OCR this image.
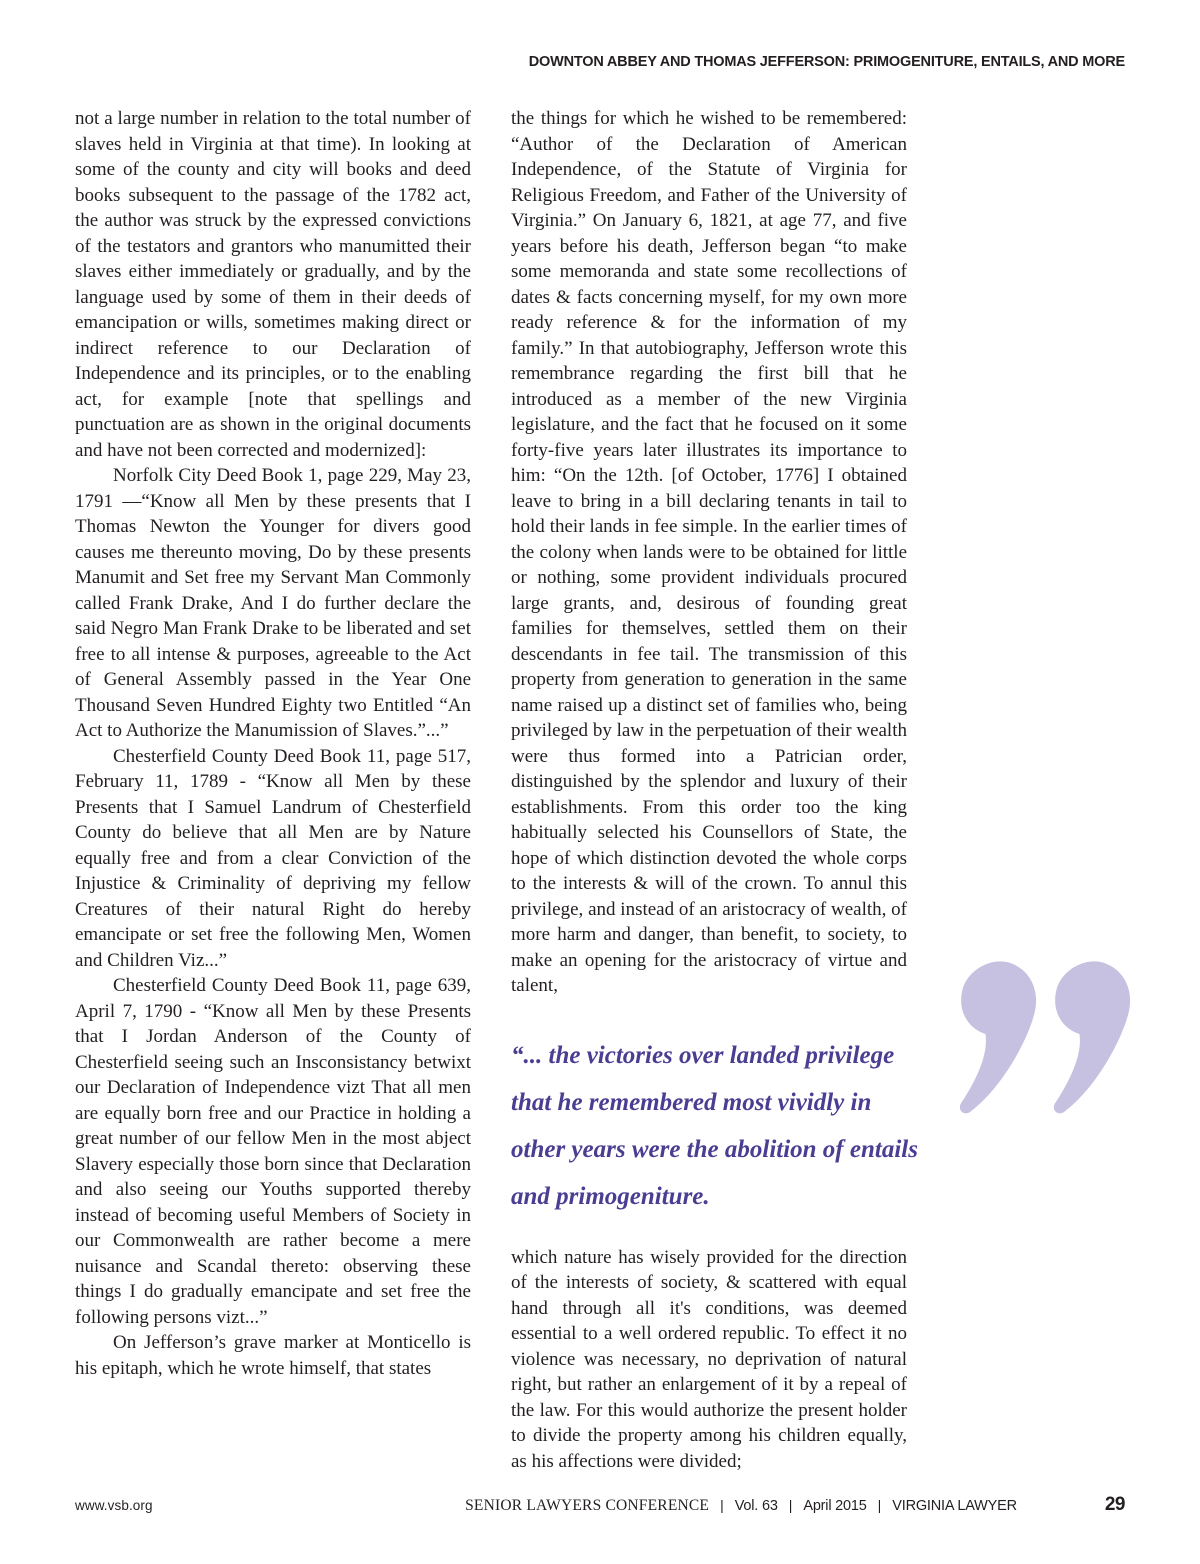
DOWNTON ABBEY AND THOMAS JEFFERSON: PRIMOGENITURE, ENTAILS, AND MORE

not a large number in relation to the total number of slaves held in Virginia at that time). In looking at some of the county and city will books and deed books subsequent to the passage of the 1782 act, the author was struck by the expressed convictions of the testators and grantors who manumitted their slaves either immediately or gradually, and by the language used by some of them in their deeds of emancipation or wills, sometimes making direct or indirect reference to our Declaration of Independence and its principles, or to the enabling act, for example [note that spellings and punctuation are as shown in the original documents and have not been corrected and modernized]:

Norfolk City Deed Book 1, page 229, May 23, 1791 —“Know all Men by these presents that I Thomas Newton the Younger for divers good causes me thereunto moving, Do by these presents Manumit and Set free my Servant Man Commonly called Frank Drake, And I do further declare the said Negro Man Frank Drake to be liberated and set free to all intense & purposes, agreeable to the Act of General Assembly passed in the Year One Thousand Seven Hundred Eighty two Entitled “An Act to Authorize the Manumission of Slaves.”...”

Chesterfield County Deed Book 11, page 517, February 11, 1789 - “Know all Men by these Presents that I Samuel Landrum of Chesterfield County do believe that all Men are by Nature equally free and from a clear Conviction of the Injustice & Criminality of depriving my fellow Creatures of their natural Right do hereby emancipate or set free the following Men, Women and Children Viz...”

Chesterfield County Deed Book 11, page 639, April 7, 1790 - “Know all Men by these Presents that I Jordan Anderson of the County of Chesterfield seeing such an Insconsistancy betwixt our Declaration of Independence vizt That all men are equally born free and our Practice in holding a great number of our fellow Men in the most abject Slavery especially those born since that Declaration and also seeing our Youths supported thereby instead of becoming useful Members of Society in our Commonwealth are rather become a mere nuisance and Scandal thereto: observing these things I do gradually emancipate and set free the following persons vizt...”

On Jefferson’s grave marker at Monticello is his epitaph, which he wrote himself, that states

the things for which he wished to be remembered: “Author of the Declaration of American Independence, of the Statute of Virginia for Religious Freedom, and Father of the University of Virginia.” On January 6, 1821, at age 77, and five years before his death, Jefferson began “to make some memoranda and state some recollections of dates & facts concerning myself, for my own more ready reference & for the information of my family.” In that autobiography, Jefferson wrote this remembrance regarding the first bill that he introduced as a member of the new Virginia legislature, and the fact that he focused on it some forty-five years later illustrates its importance to him: “On the 12th. [of October, 1776] I obtained leave to bring in a bill declaring tenants in tail to hold their lands in fee simple. In the earlier times of the colony when lands were to be obtained for little or nothing, some provident individuals procured large grants, and, desirous of founding great families for themselves, settled them on their descendants in fee tail. The transmission of this property from generation to generation in the same name raised up a distinct set of families who, being privileged by law in the perpetuation of their wealth were thus formed into a Patrician order, distinguished by the splendor and luxury of their establishments. From this order too the king habitually selected his Counsellors of State, the hope of which distinction devoted the whole corps to the interests & will of the crown. To annul this privilege, and instead of an aristocracy of wealth, of more harm and danger, than benefit, to society, to make an opening for the aristocracy of virtue and talent,

“... the victories over landed privilege that he remembered most vividly in other years were the abolition of entails and primogeniture.

which nature has wisely provided for the direction of the interests of society, & scattered with equal hand through all it's conditions, was deemed essential to a well ordered republic. To effect it no violence was necessary, no deprivation of natural right, but rather an enlargement of it by a repeal of the law. For this would authorize the present holder to divide the property among his children equally, as his affections were divided;

www.vsb.org	SENIOR LAWYERS CONFERENCE | Vol. 63 | April 2015 | VIRGINIA LAWYER	29
